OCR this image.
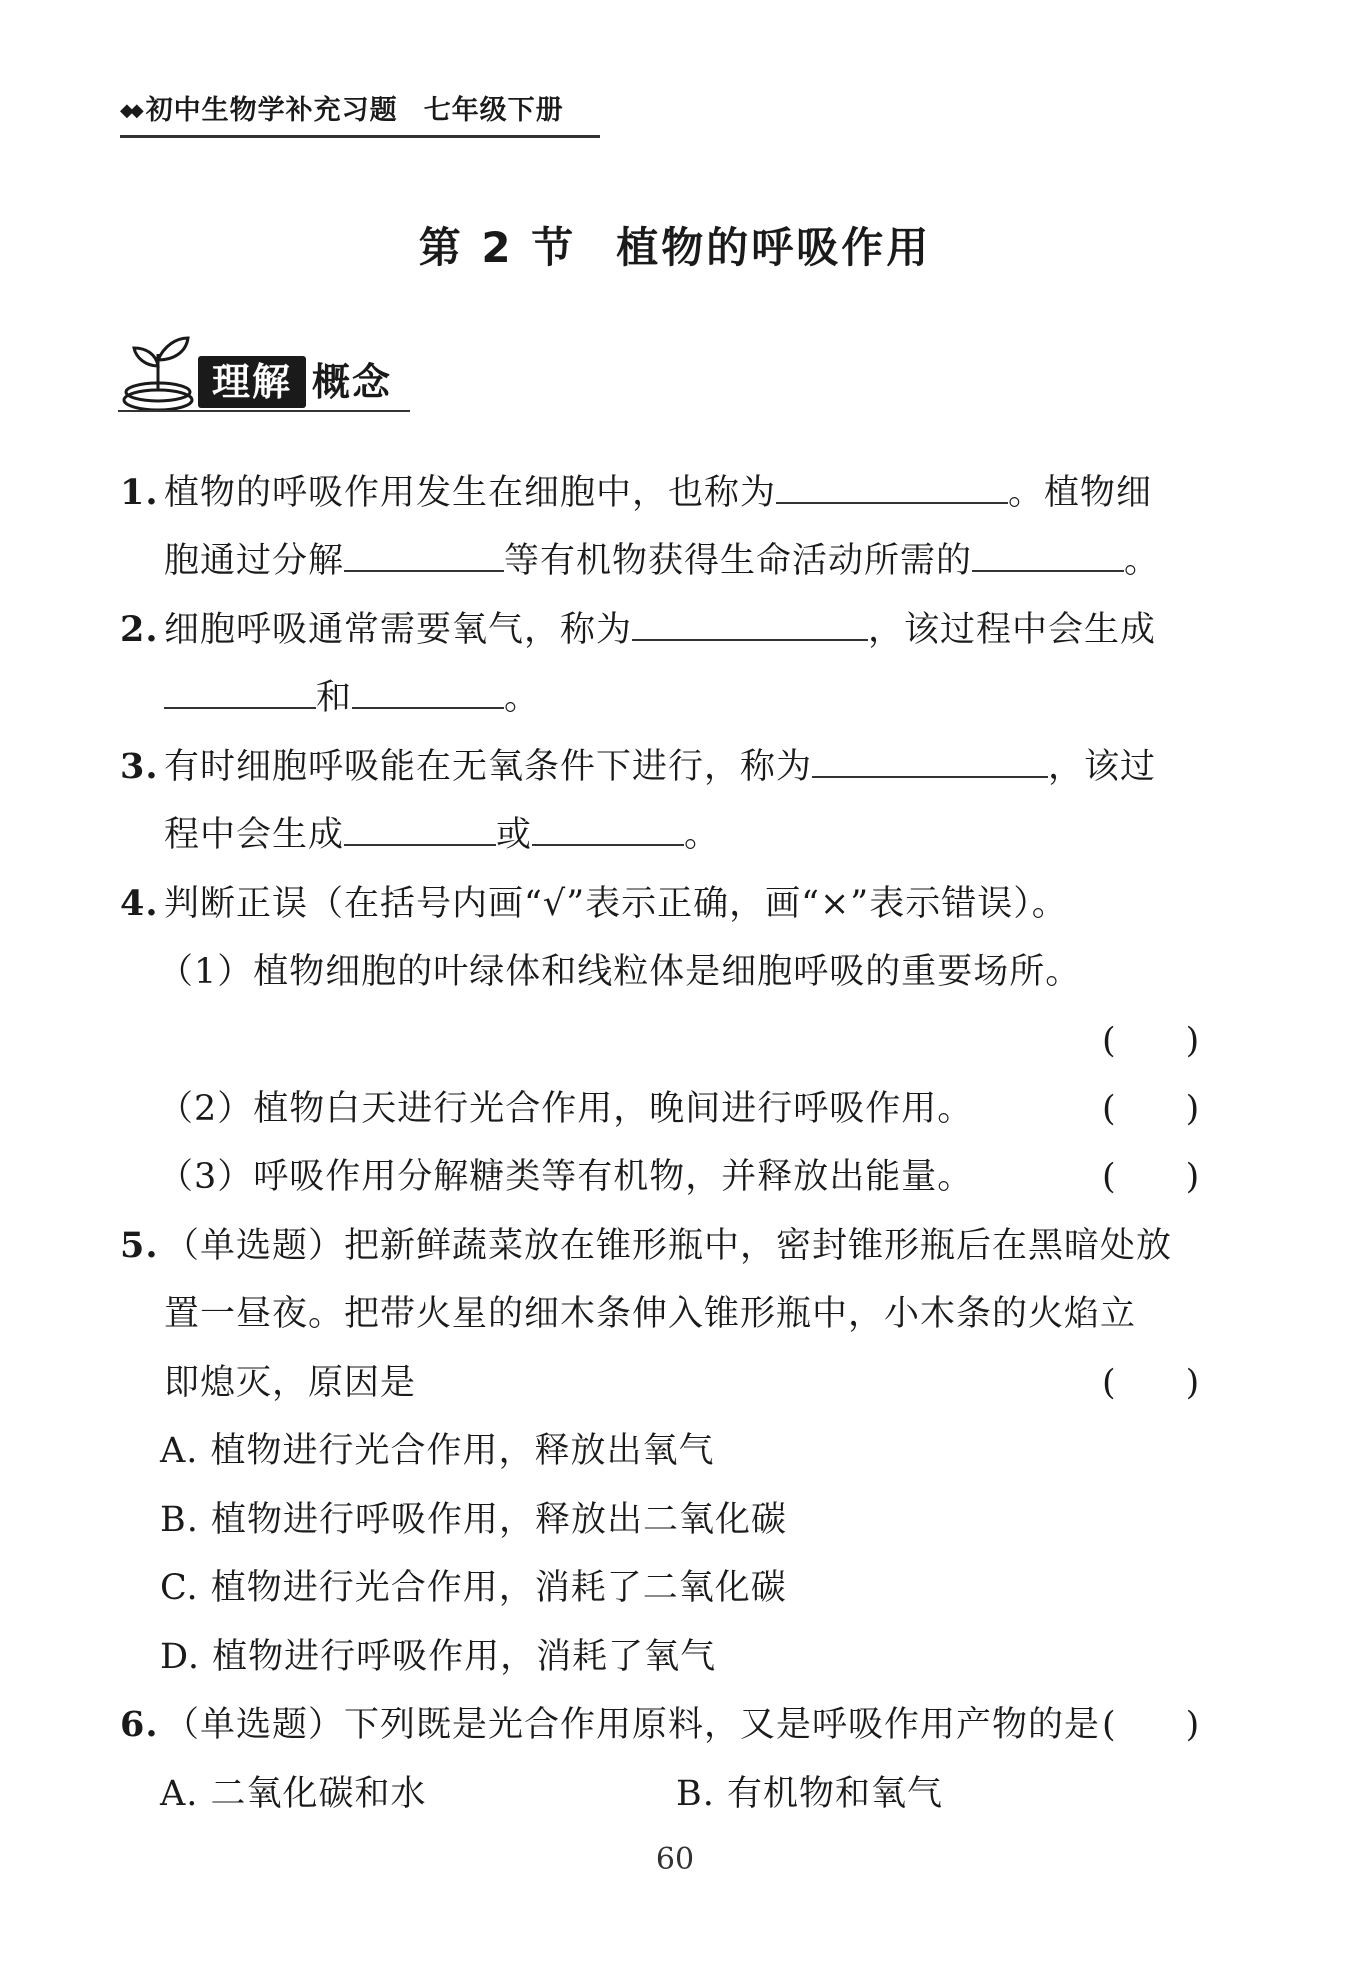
◆◆ 初中生物学补充习题 七年级下册
第 2 节 植物的呼吸作用
理解 概念
1. 植物的呼吸作用发生在细胞中，也称为	。植物细
胞通过分解	等有机物获得生命活动所需的	。
2. 细胞呼吸通常需要氧气，称为	，该过程中会生成
和	。
3. 有时细胞呼吸能在无氧条件下进行，称为	，该过
程中会生成	或	。
4. 判断正误（在括号内画“√”表示正确，画“×”表示错误）。
（1）植物细胞的叶绿体和线粒体是细胞呼吸的重要场所。
(　　)
（2）植物白天进行光合作用，晚间进行呼吸作用。	(　　)
（3）呼吸作用分解糖类等有机物，并释放出能量。	(　　)
5. （单选题）把新鲜蔬菜放在锥形瓶中，密封锥形瓶后在黑暗处放
置一昼夜。把带火星的细木条伸入锥形瓶中，小木条的火焰立
即熄灭，原因是	(　　)
A. 植物进行光合作用，释放出氧气
B. 植物进行呼吸作用，释放出二氧化碳
C. 植物进行光合作用，消耗了二氧化碳
D. 植物进行呼吸作用，消耗了氧气
6. （单选题）下列既是光合作用原料，又是呼吸作用产物的是 (　　)
A. 二氧化碳和水	B. 有机物和氧气
60
